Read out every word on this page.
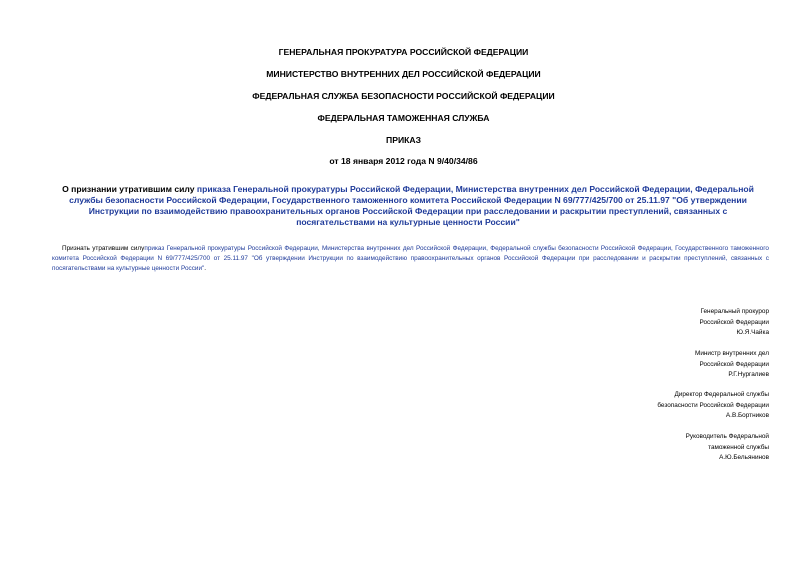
ГЕНЕРАЛЬНАЯ ПРОКУРАТУРА РОССИЙСКОЙ ФЕДЕРАЦИИ
МИНИСТЕРСТВО ВНУТРЕННИХ ДЕЛ РОССИЙСКОЙ ФЕДЕРАЦИИ
ФЕДЕРАЛЬНАЯ СЛУЖБА БЕЗОПАСНОСТИ РОССИЙСКОЙ ФЕДЕРАЦИИ
ФЕДЕРАЛЬНАЯ ТАМОЖЕННАЯ СЛУЖБА
ПРИКАЗ
от 18 января 2012 года N 9/40/34/86
О признании утратившим силу приказа Генеральной прокуратуры Российской Федерации, Министерства внутренних дел Российской Федерации, Федеральной службы безопасности Российской Федерации, Государственного таможенного комитета Российской Федерации N 69/777/425/700 от 25.11.97 "Об утверждении Инструкции по взаимодействию правоохранительных органов Российской Федерации при расследовании и раскрытии преступлений, связанных с посягательствами на культурные ценности России"
Признать утратившим силуприказ Генеральной прокуратуры Российской Федерации, Министерства внутренних дел Российской Федерации, Федеральной службы безопасности Российской Федерации, Государственного таможенного комитета Российской Федерации N 69/777/425/700 от 25.11.97 "Об утверждении Инструкции по взаимодействию правоохранительных органов Российской Федерации при расследовании и раскрытии преступлений, связанных с посягательствами на культурные ценности России".
Генеральный прокурор
Российской Федерации
Ю.Я.Чайка
Министр внутренних дел
Российской Федерации
Р.Г.Нургалиев
Директор Федеральной службы
безопасности Российской Федерации
А.В.Бортников
Руководитель Федеральной
таможенной службы
А.Ю.Бельянинов
